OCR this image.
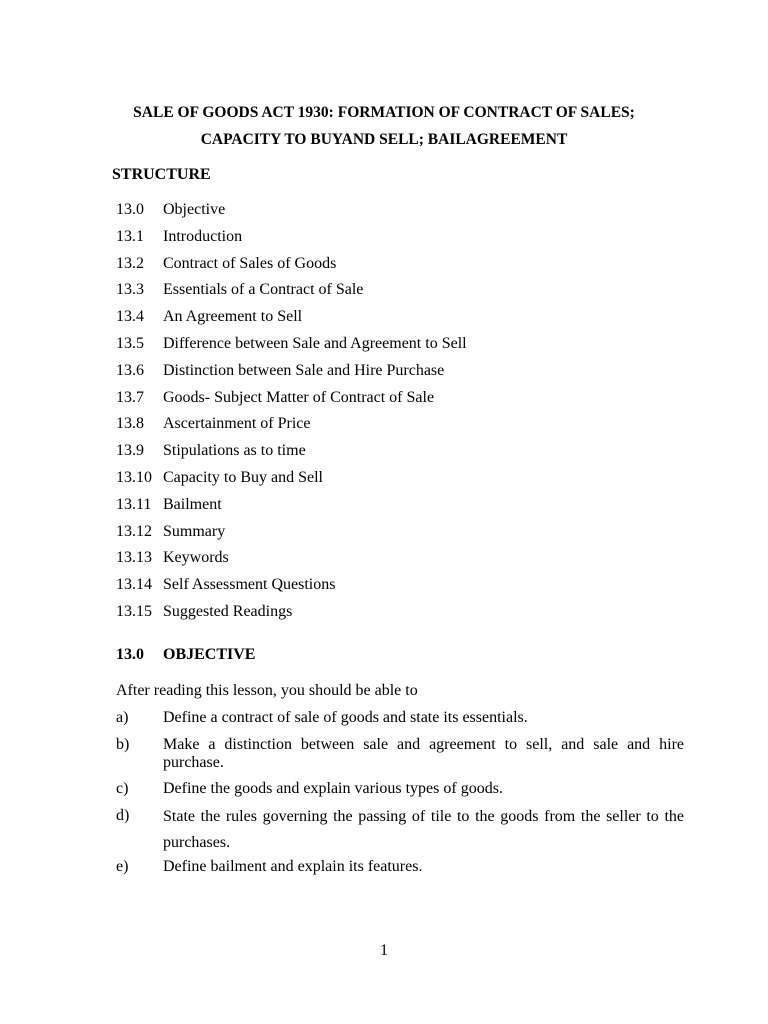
SALE OF GOODS ACT 1930: FORMATION OF CONTRACT OF SALES;

CAPACITY TO BUYAND SELL; BAILAGREEMENT

STRUCTURE

13.0	Objective
13.1	Introduction
13.2	Contract of Sales of Goods
13.3	Essentials of a Contract of Sale
13.4	An Agreement to Sell
13.5	Difference between Sale and Agreement to Sell
13.6	Distinction between Sale and Hire Purchase
13.7	Goods- Subject Matter of Contract of Sale
13.8	Ascertainment of Price
13.9	Stipulations as to time
13.10 Capacity to Buy and Sell
13.11 Bailment
13.12 Summary
13.13 Keywords
13.14 Self Assessment Questions
13.15 Suggested Readings

13.0	OBJECTIVE

After reading this lesson, you should be able to

a)	Define a contract of sale of goods and state its essentials.
b)	Make a distinction between sale and agreement to sell, and sale and hire purchase.
c)	Define the goods and explain various types of goods.
d)	State the rules governing the passing of tile to the goods from the seller to the purchases.
e)	Define bailment and explain its features.
1
